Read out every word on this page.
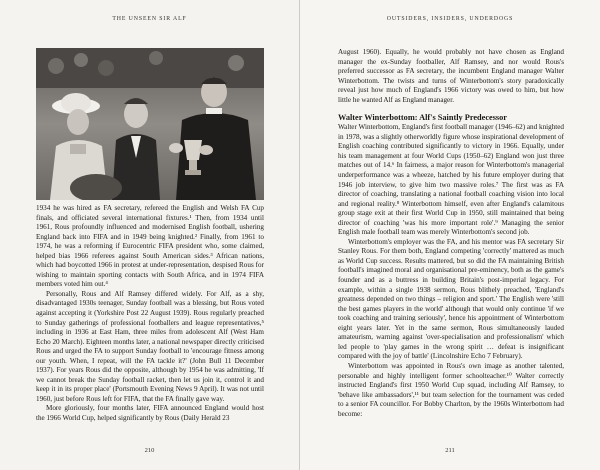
THE UNSEEN SIR ALF

1934 he was hired as FA secretary, refereed the English and Welsh FA Cup finals, and officiated several international fixtures.¹ Then, from 1934 until 1961, Rous profoundly influenced and modernised English football, ushering England back into FIFA and in 1949 being knighted.² Finally, from 1961 to 1974, he was a reforming if Eurocentric FIFA president who, some claimed, helped bias 1966 referees against South American sides.³ African nations, which had boycotted 1966 in protest at under-representation, despised Rous for wishing to maintain sporting contacts with South Africa, and in 1974 FIFA members voted him out.⁴

Personally, Rous and Alf Ramsey differed widely. For Alf, as a shy, disadvantaged 1930s teenager, Sunday football was a blessing, but Rous voted against accepting it (Yorkshire Post 22 August 1939). Rous regularly preached to Sunday gatherings of professional footballers and league representatives,⁵ including in 1936 at East Ham, three miles from adolescent Alf (West Ham Echo 20 March). Eighteen months later, a national newspaper directly criticised Rous and urged the FA to support Sunday football to 'encourage fitness among our youth. When, I repeat, will the FA tackle it?' (John Bull 11 December 1937). For years Rous did the opposite, although by 1954 he was admitting, 'If we cannot break the Sunday football racket, then let us join it, control it and keep it in its proper place' (Portsmouth Evening News 9 April). It was not until 1960, just before Rous left for FIFA, that the FA finally gave way.

More gloriously, four months later, FIFA announced England would host the 1966 World Cup, helped significantly by Rous (Daily Herald 23

210
OUTSIDERS, INSIDERS, UNDERDOGS

August 1960). Equally, he would probably not have chosen as England manager the ex-Sunday footballer, Alf Ramsey, and nor would Rous's preferred successor as FA secretary, the incumbent England manager Walter Winterbottom. The twists and turns of Winterbottom's story paradoxically reveal just how much of England's 1966 victory was owed to him, but how little he wanted Alf as England manager.

Walter Winterbottom: Alf's Saintly Predecessor

Walter Winterbottom, England's first football manager (1946–62) and knighted in 1978, was a slightly otherworldly figure whose inspirational development of English coaching contributed significantly to victory in 1966. Equally, under his team management at four World Cups (1950–62) England won just three matches out of 14.⁶ In fairness, a major reason for Winterbottom's managerial underperformance was a wheeze, hatched by his future employer during that 1946 job interview, to give him two massive roles.⁷ The first was as FA director of coaching, translating a national football coaching vision into local and regional reality.⁸ Winterbottom himself, even after England's calamitous group stage exit at their first World Cup in 1950, still maintained that being director of coaching 'was his more important role'.⁹ Managing the senior English male football team was merely Winterbottom's second job.

Winterbottom's employer was the FA, and his mentor was FA secretary Sir Stanley Rous. For them both, England competing 'correctly' mattered as much as World Cup success. Results mattered, but so did the FA maintaining British football's imagined moral and organisational pre-eminency, both as the game's founder and as a buttress in building Britain's post-imperial legacy. For example, within a single 1938 sermon, Rous blithely preached, 'England's greatness depended on two things – religion and sport.' The English were 'still the best games players in the world' although that would only continue 'if we took coaching and training seriously', hence his appointment of Winterbottom eight years later. Yet in the same sermon, Rous simultaneously lauded amateurism, warning against 'over-specialisation and professionalism' which led people to 'play games in the wrong spirit … defeat is insignificant compared with the joy of battle' (Lincolnshire Echo 7 February).

Winterbottom was appointed in Rous's own image as another talented, personable and highly intelligent former schoolteacher.¹⁰ Walter correctly instructed England's first 1950 World Cup squad, including Alf Ramsey, to 'behave like ambassadors',¹¹ but team selection for the tournament was ceded to a senior FA councillor. For Bobby Charlton, by the 1960s Winterbottom had become:

211
